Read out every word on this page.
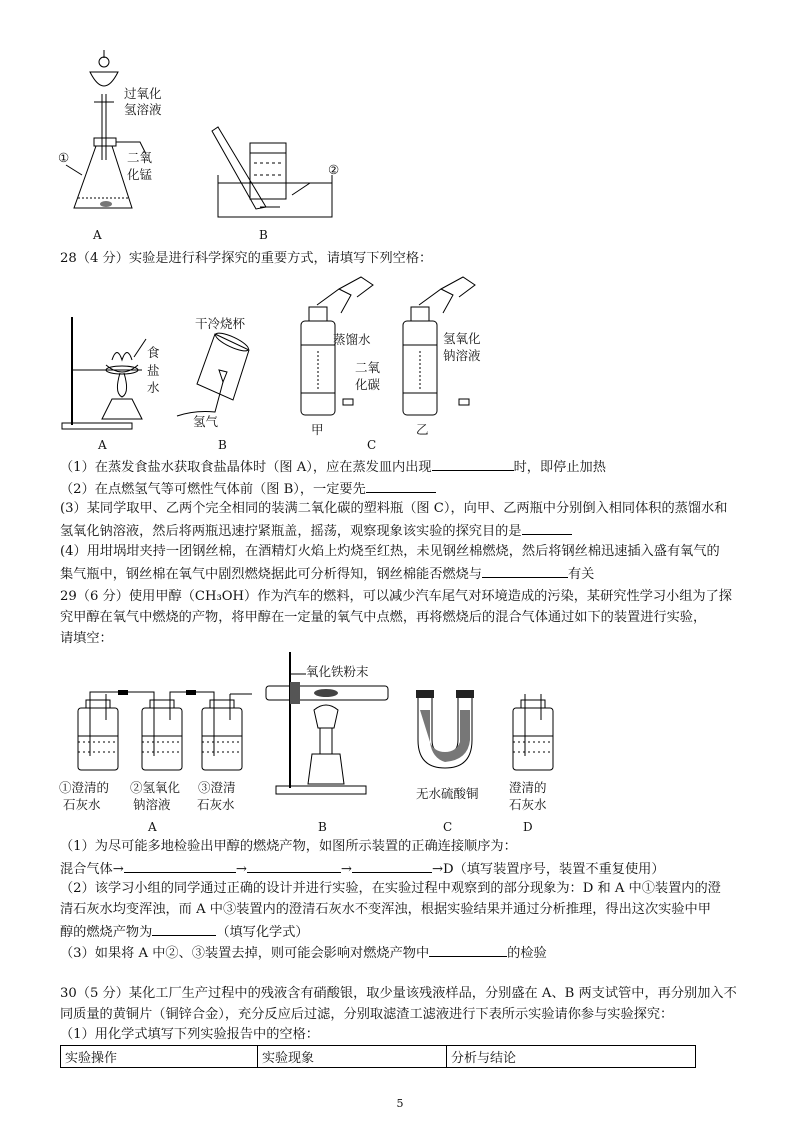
过氧化
氢溶液
二氧
化锰
①
A
②
B
28（4 分）实验是进行科学探究的重要方式，请填写下列空格：
食
盐
水
A
干冷烧杯
氢气
B
蒸馏水
二氧
化碳
氢氧化
钠溶液
甲	乙
C
（1）在蒸发食盐水获取食盐晶体时（图 A），应在蒸发皿内出现	时，即停止加热
（2）在点燃氢气等可燃性气体前（图 B），一定要先
(3）某同学取甲、乙两个完全相同的装满二氧化碳的塑料瓶（图 C），向甲、乙两瓶中分别倒入相同体积的蒸馏水和
氢氧化钠溶液，然后将两瓶迅速拧紧瓶盖，摇荡，观察现象该实验的探究目的是
(4）用坩埚坩夹持一团钢丝棉，在酒精灯火焰上灼烧至红热，未见钢丝棉燃烧，然后将钢丝棉迅速插入盛有氧气的
集气瓶中，钢丝棉在氧气中剧烈燃烧据此可分析得知，钢丝棉能否燃烧与	有关
29（6 分）使用甲醇（CH₃OH）作为汽车的燃料，可以减少汽车尾气对环境造成的污染，某研究性学习小组为了探
究甲醇在氧气中燃烧的产物，将甲醇在一定量的氧气中点燃，再将燃烧后的混合气体通过如下的装置进行实验，
请填空：
①澄清的
石灰水
②氢氧化
钠溶液
③澄清
石灰水
A
氧化铁粉末
B
无水硫酸铜
C
澄清的
石灰水
D
（1）为尽可能多地检验出甲醇的燃烧产物，如图所示装置的正确连接顺序为：
混合气体→	→	→	→D（填写装置序号，装置不重复使用）
（2）该学习小组的同学通过正确的设计并进行实验，在实验过程中观察到的部分现象为：D 和 A 中①装置内的澄
清石灰水均变浑浊，而 A 中③装置内的澄清石灰水不变浑浊，根据实验结果并通过分析推理，得出这次实验中甲
醇的燃烧产物为	（填写化学式）
（3）如果将 A 中②、③装置去掉，则可能会影响对燃烧产物中	的检验
30（5 分）某化工厂生产过程中的残液含有硝酸银，取少量该残液样品，分别盛在 A、B 两支试管中，再分别加入不
同质量的黄铜片（铜锌合金），充分反应后过滤，分别取滤渣工滤液进行下表所示实验请你参与实验探究：
（1）用化学式填写下列实验报告中的空格：
实验操作	实验现象	分析与结论
5
